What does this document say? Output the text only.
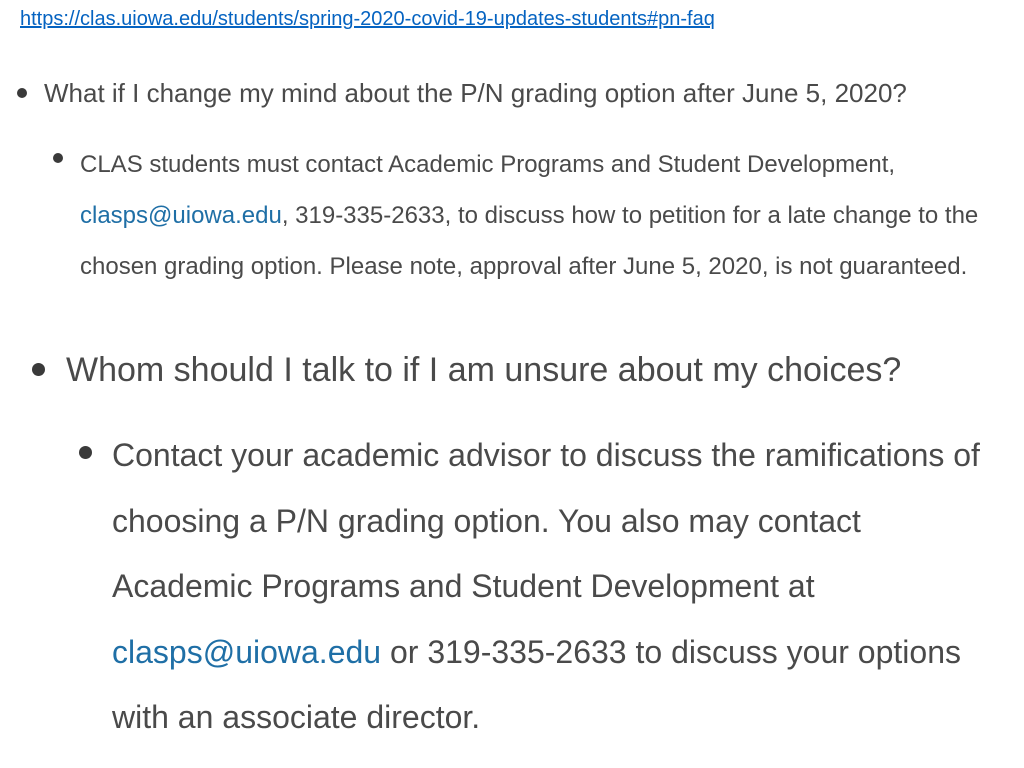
https://clas.uiowa.edu/students/spring-2020-covid-19-updates-students#pn-faq
What if I change my mind about the P/N grading option after June 5, 2020?
CLAS students must contact Academic Programs and Student Development, clasps@uiowa.edu, 319-335-2633, to discuss how to petition for a late change to the chosen grading option. Please note, approval after June 5, 2020, is not guaranteed.
Whom should I talk to if I am unsure about my choices?
Contact your academic advisor to discuss the ramifications of choosing a P/N grading option. You also may contact Academic Programs and Student Development at clasps@uiowa.edu or 319-335-2633 to discuss your options with an associate director.
